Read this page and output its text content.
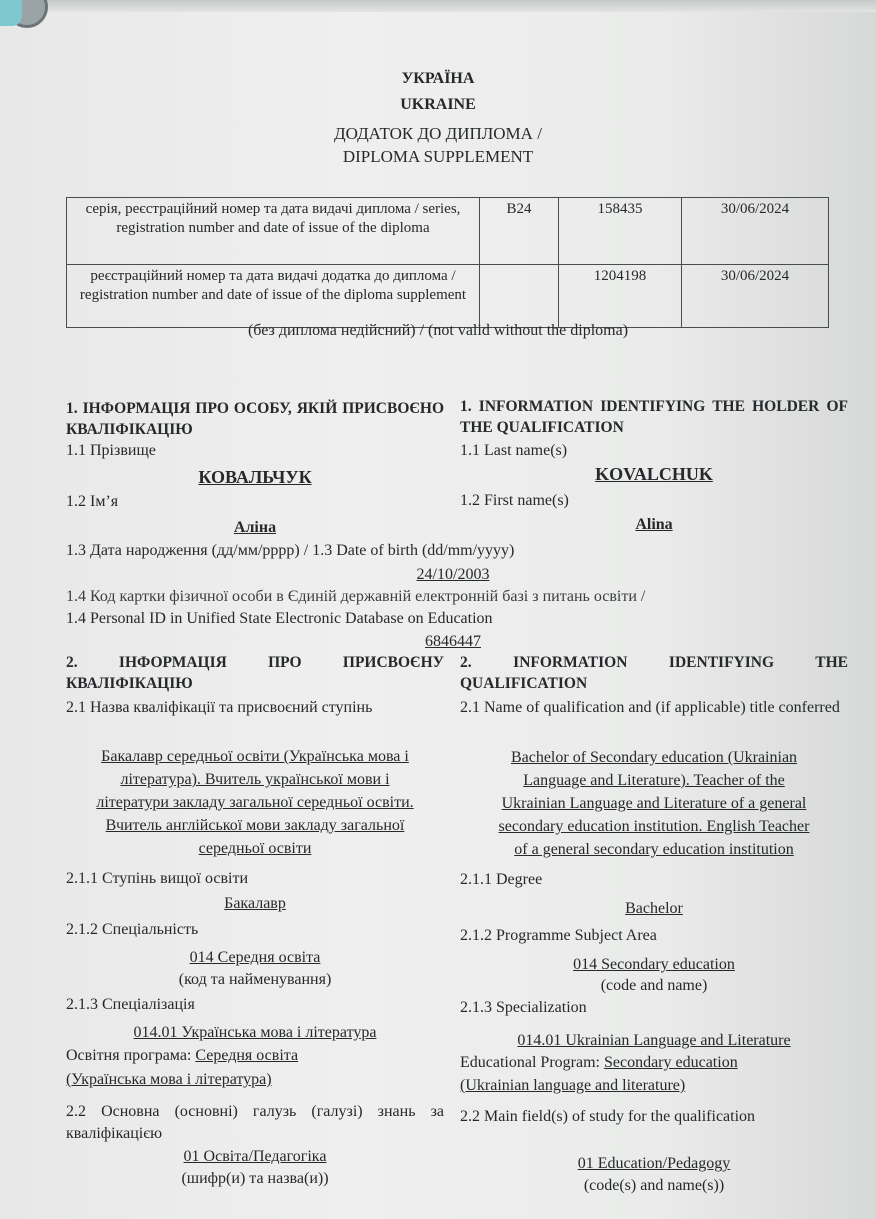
УКРАЇНА
UKRAINE
ДОДАТОК ДО ДИПЛОМА /
DIPLOMA SUPPLEMENT
серія, реєстраційний номер та дата видачі диплома / series, registration number and date of issue of the diploma	B24	158435	30/06/2024
реєстраційний номер та дата видачі додатка до диплома / registration number and date of issue of the diploma supplement		1204198	30/06/2024
(без диплома недійсний) / (not valid without the diploma)
1. ІНФОРМАЦІЯ ПРО ОСОБУ, ЯКІЙ ПРИСВОЄНО КВАЛІФІКАЦІЮ
1. INFORMATION IDENTIFYING THE HOLDER OF THE QUALIFICATION
1.1 Прізвище	1.1 Last name(s)
КОВАЛЬЧУК	KOVALCHUK
1.2 Ім’я	1.2 First name(s)
Аліна	Alina
1.3 Дата народження (дд/мм/рррр) / 1.3 Date of birth (dd/mm/yyyy)
24/10/2003
1.4 Код картки фізичної особи в Єдиній державній електронній базі з питань освіти /
1.4 Personal ID in Unified State Electronic Database on Education
6846447
2. ІНФОРМАЦІЯ ПРО ПРИСВОЄНУ КВАЛІФІКАЦІЮ
2. INFORMATION IDENTIFYING THE QUALIFICATION
2.1 Назва кваліфікації та присвоєний ступінь	2.1 Name of qualification and (if applicable) title conferred
Бакалавр середньої освіти (Українська мова і
література). Вчитель української мови і
літератури закладу загальної середньої освіти.
Вчитель англійської мови закладу загальної
середньої освіти
Bachelor of Secondary education (Ukrainian
Language and Literature). Teacher of the
Ukrainian Language and Literature of a general
secondary education institution. English Teacher
of a general secondary education institution
2.1.1 Ступінь вищої освіти	2.1.1 Degree
Бакалавр	Bachelor
2.1.2 Спеціальність	2.1.2 Programme Subject Area
014 Середня освіта	014 Secondary education
(код та найменування)	(code and name)
2.1.3 Спеціалізація	2.1.3 Specialization
014.01 Українська мова і література	014.01 Ukrainian Language and Literature
Освітня програма: Середня освіта
(Українська мова і література)
Educational Program: Secondary education
(Ukrainian language and literature)
2.2 Основна (основні) галузь (галузі) знань за кваліфікацією
2.2 Main field(s) of study for the qualification
01 Освіта/Педагогіка	01 Education/Pedagogy
(шифр(и) та назва(и))	(code(s) and name(s))
